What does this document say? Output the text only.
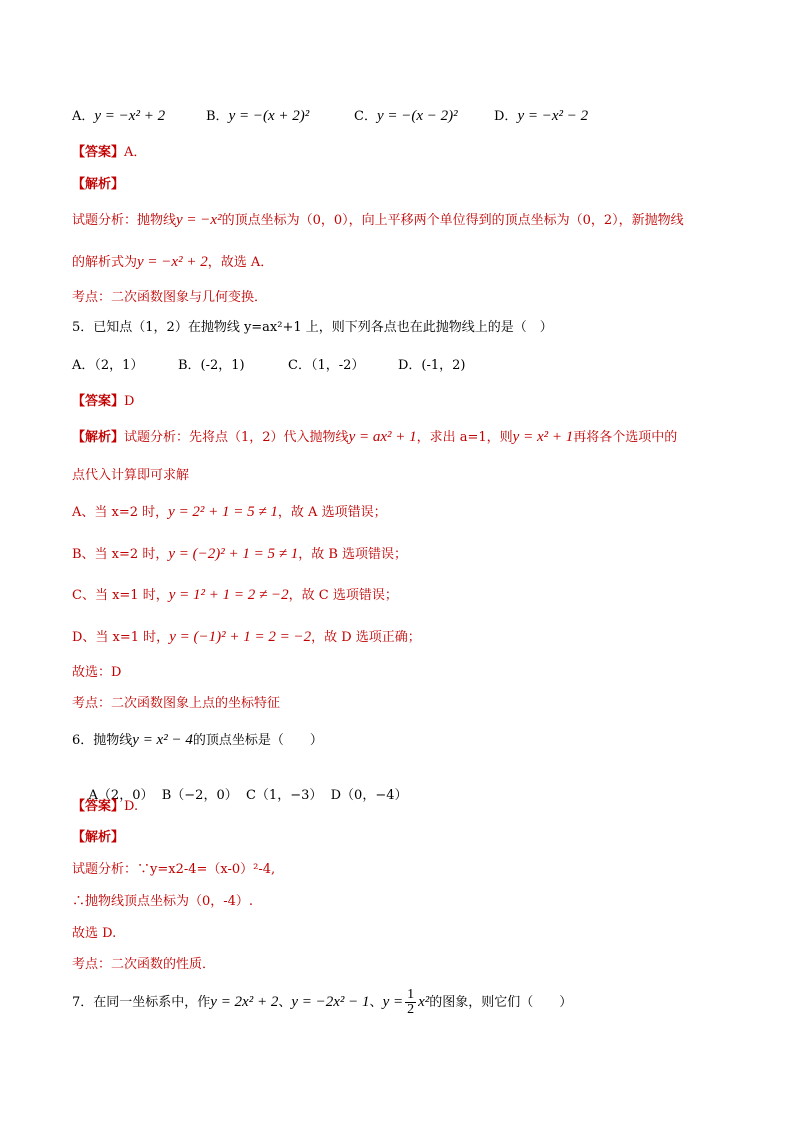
A．y = −x² + 2	B．y = −(x + 2)²	C．y = −(x − 2)²	D．y = −x² − 2
【答案】A．
【解析】
试题分析：抛物线y = −x²的顶点坐标为（0，0），向上平移两个单位得到的顶点坐标为（0，2），新抛物线
的解析式为y = −x² + 2，故选 A．
考点：二次函数图象与几何变换．
5．已知点（1，2）在抛物线 y=ax²+1 上，则下列各点也在此抛物线上的是（　）
A．（2，1）	B．(-2，1)	C．（1，-2）	D．(-1，2)
【答案】D
【解析】试题分析：先将点（1，2）代入抛物线y = ax² + 1，求出 a=1，则y = x² + 1再将各个选项中的
点代入计算即可求解
A、当 x=2 时，y = 2² + 1 = 5 ≠ 1，故 A 选项错误；
B、当 x=2 时，y = (−2)² + 1 = 5 ≠ 1，故 B 选项错误；
C、当 x=1 时，y = 1² + 1 = 2 ≠ −2，故 C 选项错误；
D、当 x=1 时，y = (−1)² + 1 = 2 = −2，故 D 选项正确；
故选：D
考点：二次函数图象上点的坐标特征
6．抛物线y = x² − 4的顶点坐标是（　　）

A（2，0）  B（−2，0）  C（1，−3）  D（0，−4）

【答案】D.
【解析】
试题分析：∵y=x2-4=（x-0）²-4,
∴抛物线顶点坐标为（0，-4）.
故选 D.
考点：二次函数的性质．
7．在同一坐标系中，作y = 2x² + 2、y = −2x² − 1、$y = \frac{1}{2} x^2$的图象，则它们（　　）
